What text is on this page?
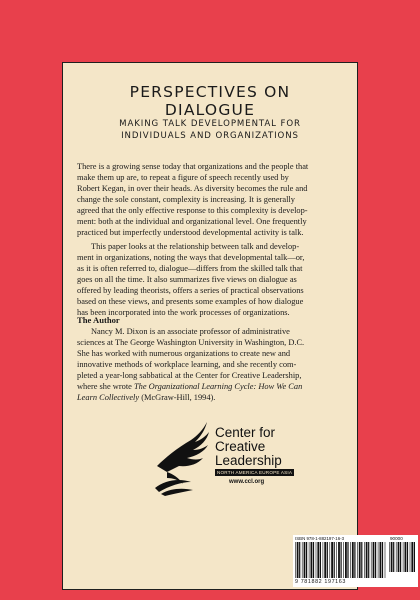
PERSPECTIVES ON
DIALOGUE
MAKING TALK DEVELOPMENTAL FOR
INDIVIDUALS AND ORGANIZATIONS
There is a growing sense today that organizations and the people that
make them up are, to repeat a figure of speech recently used by
Robert Kegan, in over their heads. As diversity becomes the rule and
change the sole constant, complexity is increasing. It is generally
agreed that the only effective response to this complexity is develop-
ment: both at the individual and organizational level. One frequently
practiced but imperfectly understood developmental activity is talk.
This paper looks at the relationship between talk and develop-
ment in organizations, noting the ways that developmental talk—or,
as it is often referred to, dialogue—differs from the skilled talk that
goes on all the time. It also summarizes five views on dialogue as
offered by leading theorists, offers a series of practical observations
based on these views, and presents some examples of how dialogue
has been incorporated into the work processes of organizations.
The Author
Nancy M. Dixon is an associate professor of administrative
sciences at The George Washington University in Washington, D.C.
She has worked with numerous organizations to create new and
innovative methods of workplace learning, and she recently com-
pleted a year-long sabbatical at the Center for Creative Leadership,
where she wrote The Organizational Learning Cycle: How We Can
Learn Collectively (McGraw-Hill, 1994).
Center for
Creative
Leadership
NORTH AMERICA EUROPE ASIA
www.ccl.org
ISBN 978-1-882197-16-3	90000
9 781882 197163
